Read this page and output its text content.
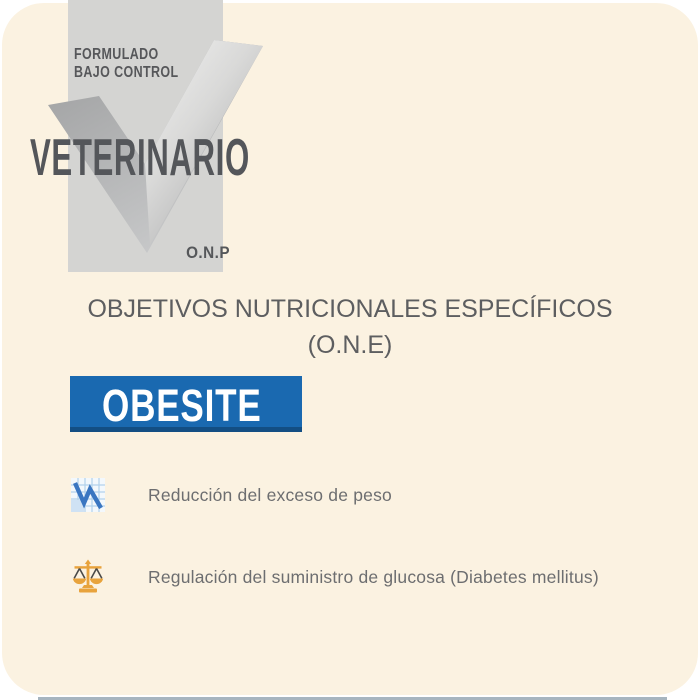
FORMULADO
BAJO CONTROL
VETERINARIO
O.N.P
OBJETIVOS NUTRICIONALES ESPECÍFICOS
(O.N.E)
OBESITE
Reducción del exceso de peso
Regulación del suministro de glucosa (Diabetes mellitus)
